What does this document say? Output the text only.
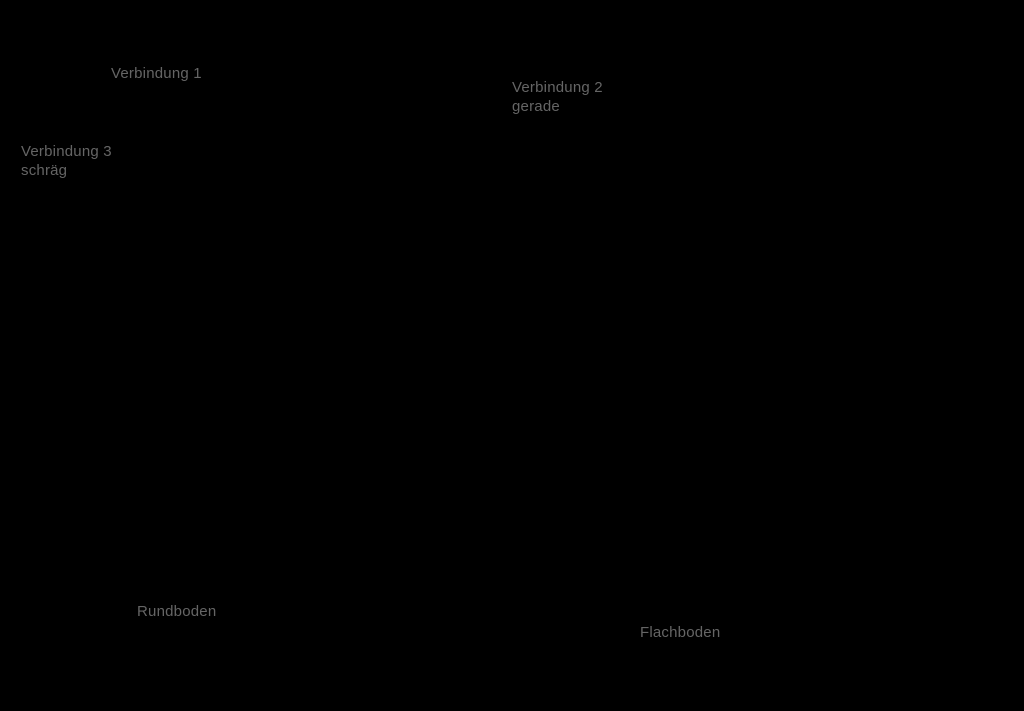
Verbindung 1
Verbindung 2
gerade
Verbindung 3
schräg
Rundboden
Flachboden
